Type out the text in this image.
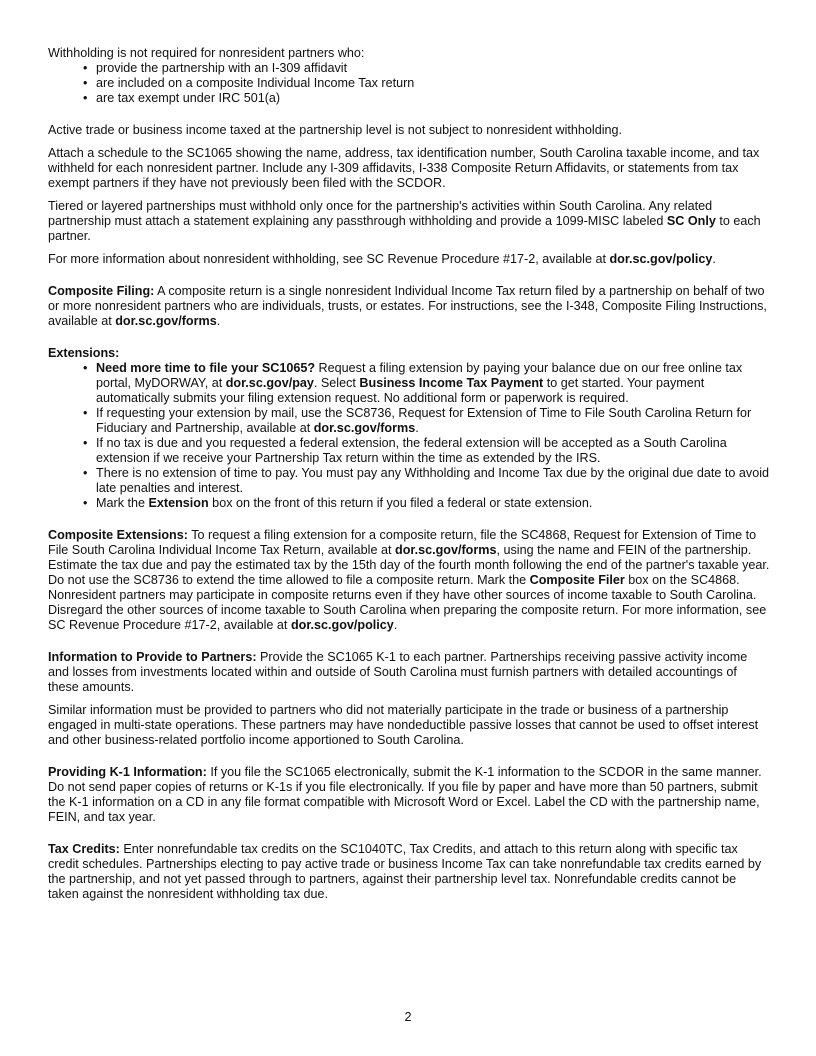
Withholding is not required for nonresident partners who:
• provide the partnership with an I-309 affidavit
• are included on a composite Individual Income Tax return
• are tax exempt under IRC 501(a)

Active trade or business income taxed at the partnership level is not subject to nonresident withholding.

Attach a schedule to the SC1065 showing the name, address, tax identification number, South Carolina taxable income, and tax withheld for each nonresident partner. Include any I-309 affidavits, I-338 Composite Return Affidavits, or statements from tax exempt partners if they have not previously been filed with the SCDOR.

Tiered or layered partnerships must withhold only once for the partnership's activities within South Carolina. Any related partnership must attach a statement explaining any passthrough withholding and provide a 1099-MISC labeled SC Only to each partner.

For more information about nonresident withholding, see SC Revenue Procedure #17-2, available at dor.sc.gov/policy.

Composite Filing: A composite return is a single nonresident Individual Income Tax return filed by a partnership on behalf of two or more nonresident partners who are individuals, trusts, or estates. For instructions, see the I-348, Composite Filing Instructions, available at dor.sc.gov/forms.

Extensions:
• Need more time to file your SC1065? Request a filing extension by paying your balance due on our free online tax portal, MyDORWAY, at dor.sc.gov/pay. Select Business Income Tax Payment to get started. Your payment automatically submits your filing extension request. No additional form or paperwork is required.
• If requesting your extension by mail, use the SC8736, Request for Extension of Time to File South Carolina Return for Fiduciary and Partnership, available at dor.sc.gov/forms.
• If no tax is due and you requested a federal extension, the federal extension will be accepted as a South Carolina extension if we receive your Partnership Tax return within the time as extended by the IRS.
• There is no extension of time to pay. You must pay any Withholding and Income Tax due by the original due date to avoid late penalties and interest.
• Mark the Extension box on the front of this return if you filed a federal or state extension.

Composite Extensions: To request a filing extension for a composite return, file the SC4868, Request for Extension of Time to File South Carolina Individual Income Tax Return, available at dor.sc.gov/forms, using the name and FEIN of the partnership. Estimate the tax due and pay the estimated tax by the 15th day of the fourth month following the end of the partner's taxable year. Do not use the SC8736 to extend the time allowed to file a composite return. Mark the Composite Filer box on the SC4868. Nonresident partners may participate in composite returns even if they have other sources of income taxable to South Carolina. Disregard the other sources of income taxable to South Carolina when preparing the composite return. For more information, see SC Revenue Procedure #17-2, available at dor.sc.gov/policy.

Information to Provide to Partners: Provide the SC1065 K-1 to each partner. Partnerships receiving passive activity income and losses from investments located within and outside of South Carolina must furnish partners with detailed accountings of these amounts.

Similar information must be provided to partners who did not materially participate in the trade or business of a partnership engaged in multi-state operations. These partners may have nondeductible passive losses that cannot be used to offset interest and other business-related portfolio income apportioned to South Carolina.

Providing K-1 Information: If you file the SC1065 electronically, submit the K-1 information to the SCDOR in the same manner. Do not send paper copies of returns or K-1s if you file electronically. If you file by paper and have more than 50 partners, submit the K-1 information on a CD in any file format compatible with Microsoft Word or Excel. Label the CD with the partnership name, FEIN, and tax year.

Tax Credits: Enter nonrefundable tax credits on the SC1040TC, Tax Credits, and attach to this return along with specific tax credit schedules. Partnerships electing to pay active trade or business Income Tax can take nonrefundable tax credits earned by the partnership, and not yet passed through to partners, against their partnership level tax. Nonrefundable credits cannot be taken against the nonresident withholding tax due.

2
